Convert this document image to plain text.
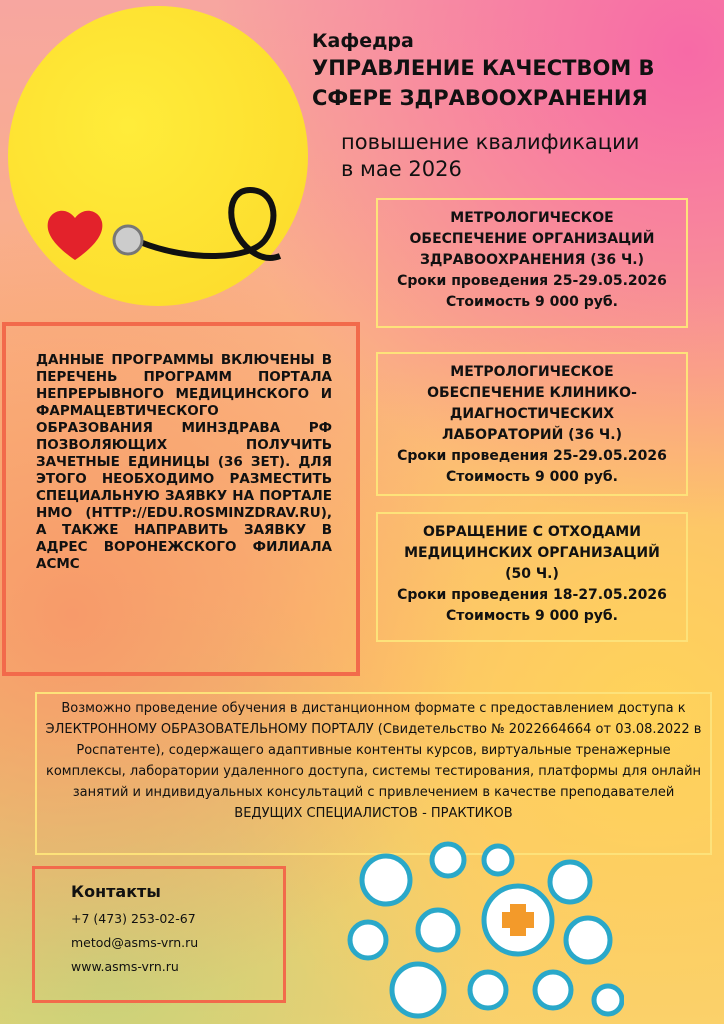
Кафедра
УПРАВЛЕНИЕ КАЧЕСТВОМ В
СФЕРЕ ЗДРАВООХРАНЕНИЯ
повышение квалификации
в мае 2026
МЕТРОЛОГИЧЕСКОЕ
ОБЕСПЕЧЕНИЕ ОРГАНИЗАЦИЙ
ЗДРАВООХРАНЕНИЯ (36 Ч.)
Сроки проведения 25-29.05.2026
Стоимость 9 000 руб.
МЕТРОЛОГИЧЕСКОЕ
ОБЕСПЕЧЕНИЕ КЛИНИКО-
ДИАГНОСТИЧЕСКИХ
ЛАБОРАТОРИЙ (36 Ч.)
Сроки проведения 25-29.05.2026
Стоимость 9 000 руб.
ОБРАЩЕНИЕ С ОТХОДАМИ
МЕДИЦИНСКИХ ОРГАНИЗАЦИЙ
(50 Ч.)
Сроки проведения 18-27.05.2026
Стоимость 9 000 руб.
ДАННЫЕ ПРОГРАММЫ ВКЛЮЧЕНЫ В ПЕРЕЧЕНЬ ПРОГРАММ ПОРТАЛА НЕПРЕРЫВНОГО МЕДИЦИНСКОГО И ФАРМАЦЕВТИЧЕСКОГО ОБРАЗОВАНИЯ МИНЗДРАВА РФ ПОЗВОЛЯЮЩИХ ПОЛУЧИТЬ ЗАЧЕТНЫЕ ЕДИНИЦЫ (36 ЗЕТ). ДЛЯ ЭТОГО НЕОБХОДИМО РАЗМЕСТИТЬ СПЕЦИАЛЬНУЮ ЗАЯВКУ НА ПОРТАЛЕ НМО (HTTP://EDU.ROSMINZDRAV.RU), А ТАКЖЕ НАПРАВИТЬ ЗАЯВКУ В АДРЕС ВОРОНЕЖСКОГО ФИЛИАЛА АСМС
Возможно проведение обучения в дистанционном формате с предоставлением доступа к ЭЛЕКТРОННОМУ ОБРАЗОВАТЕЛЬНОМУ ПОРТАЛУ (Свидетельство № 2022664664 от 03.08.2022 в Роспатенте), содержащего адаптивные контенты курсов, виртуальные тренажерные комплексы, лаборатории удаленного доступа, системы тестирования, платформы для онлайн занятий и индивидуальных консультаций с привлечением в качестве преподавателей ВЕДУЩИХ СПЕЦИАЛИСТОВ - ПРАКТИКОВ
Контакты
+7 (473) 253-02-67
metod@asms-vrn.ru
www.asms-vrn.ru
